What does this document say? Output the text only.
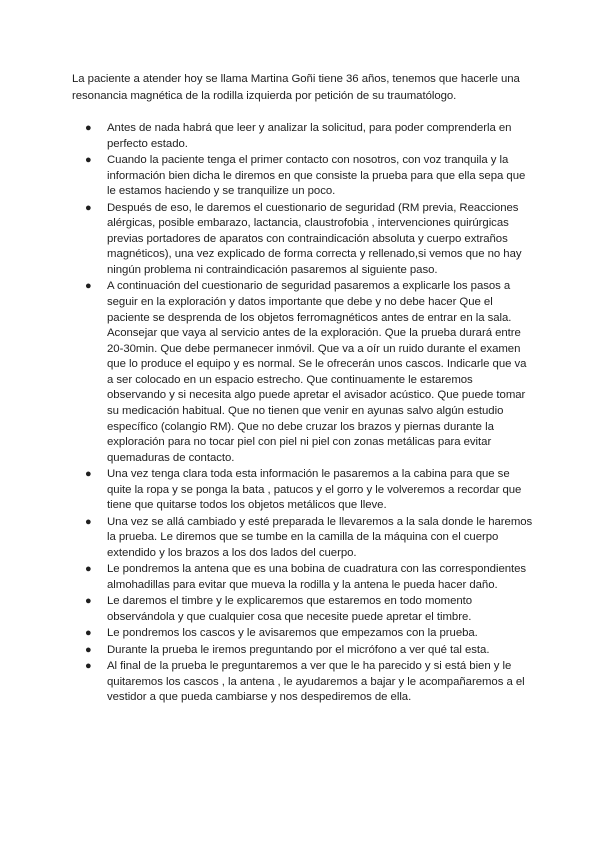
La paciente a atender hoy se llama Martina Goñi tiene 36 años, tenemos que hacerle una resonancia magnética de la rodilla izquierda por petición de su traumatólogo.

● Antes de nada habrá que leer y analizar la solicitud, para poder comprenderla en perfecto estado.
● Cuando la paciente tenga el primer contacto con nosotros, con voz tranquila y la información bien dicha le diremos en que consiste la prueba para que ella sepa que le estamos haciendo y se tranquilize un poco.
● Después de eso, le daremos el cuestionario de seguridad (RM previa, Reacciones alérgicas, posible embarazo, lactancia, claustrofobia , intervenciones quirúrgicas previas portadores de aparatos con contraindicación absoluta y cuerpo extraños magnéticos), una vez explicado de forma correcta y rellenado,si vemos que no hay ningún problema ni contraindicación pasaremos al siguiente paso.
● A continuación del cuestionario de seguridad pasaremos a explicarle los pasos a seguir en la exploración y datos importante que debe y no debe hacer Que el paciente se desprenda de los objetos ferromagnéticos antes de entrar en la sala. Aconsejar que vaya al servicio antes de la exploración. Que la prueba durará entre 20-30min. Que debe permanecer inmóvil. Que va a oír un ruido durante el examen que lo produce el equipo y es normal. Se le ofrecerán unos cascos. Indicarle que va a ser colocado en un espacio estrecho. Que continuamente le estaremos observando y si necesita algo puede apretar el avisador acústico. Que puede tomar su medicación habitual. Que no tienen que venir en ayunas salvo algún estudio específico (colangio RM). Que no debe cruzar los brazos y piernas durante la exploración para no tocar piel con piel ni piel con zonas metálicas para evitar quemaduras de contacto.
● Una vez tenga clara toda esta información le pasaremos a la cabina para que se quite la ropa y se ponga la bata , patucos y el gorro y le volveremos a recordar que tiene que quitarse todos los objetos metálicos que lleve.
● Una vez se allá cambiado y esté preparada le llevaremos a la sala donde le haremos la prueba. Le diremos que se tumbe en la camilla de la máquina con el cuerpo extendido y los brazos a los dos lados del cuerpo.
● Le pondremos la antena que es una bobina de cuadratura con las correspondientes almohadillas para evitar que mueva la rodilla y la antena le pueda hacer daño.
● Le daremos el timbre y le explicaremos que estaremos en todo momento observándola y que cualquier cosa que necesite puede apretar el timbre.
● Le pondremos los cascos y le avisaremos que empezamos con la prueba.
● Durante la prueba le iremos preguntando por el micrófono a ver qué tal esta.
● Al final de la prueba le preguntaremos a ver que le ha parecido y si está bien y le quitaremos los cascos , la antena , le ayudaremos a bajar y le acompañaremos a el vestidor a que pueda cambiarse y nos despediremos de ella.
